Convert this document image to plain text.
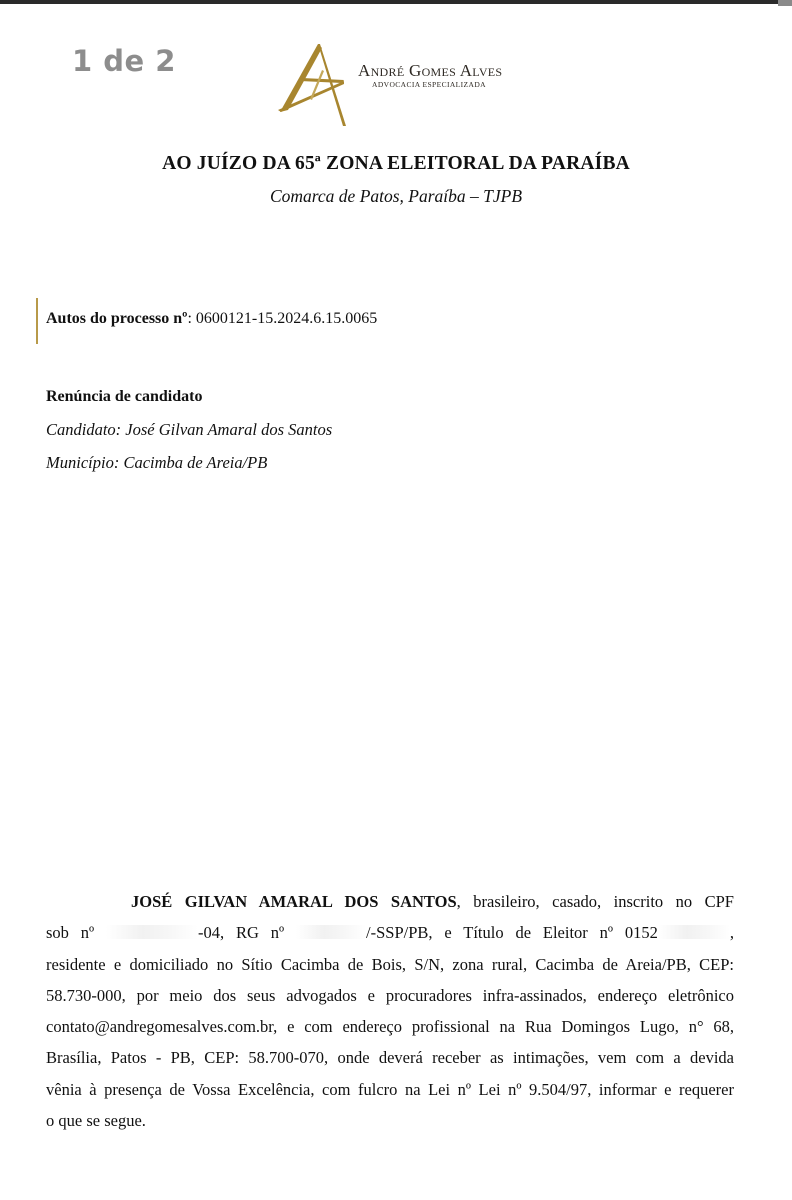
1 de 2	André Gomes Alves
ADVOCACIA ESPECIALIZADA
AO JUÍZO DA 65ª ZONA ELEITORAL DA PARAÍBA
Comarca de Patos, Paraíba – TJPB
Autos do processo nº: 0600121-15.2024.6.15.0065
Renúncia de candidato
Candidato: José Gilvan Amaral dos Santos
Município: Cacimba de Areia/PB
JOSÉ GILVAN AMARAL DOS SANTOS, brasileiro, casado, inscrito no CPF
sob nº	-04, RG nº	/-SSP/PB, e Título de Eleitor nº 0152	,
residente e domiciliado no Sítio Cacimba de Bois, S/N, zona rural, Cacimba de Areia/PB, CEP:
58.730-000, por meio dos seus advogados e procuradores infra-assinados, endereço eletrônico
contato@andregomesalves.com.br, e com endereço profissional na Rua Domingos Lugo, n° 68,
Brasília, Patos - PB, CEP: 58.700-070, onde deverá receber as intimações, vem com a devida
vênia à presença de Vossa Excelência, com fulcro na Lei nº Lei nº 9.504/97, informar e requerer
o que se segue.
